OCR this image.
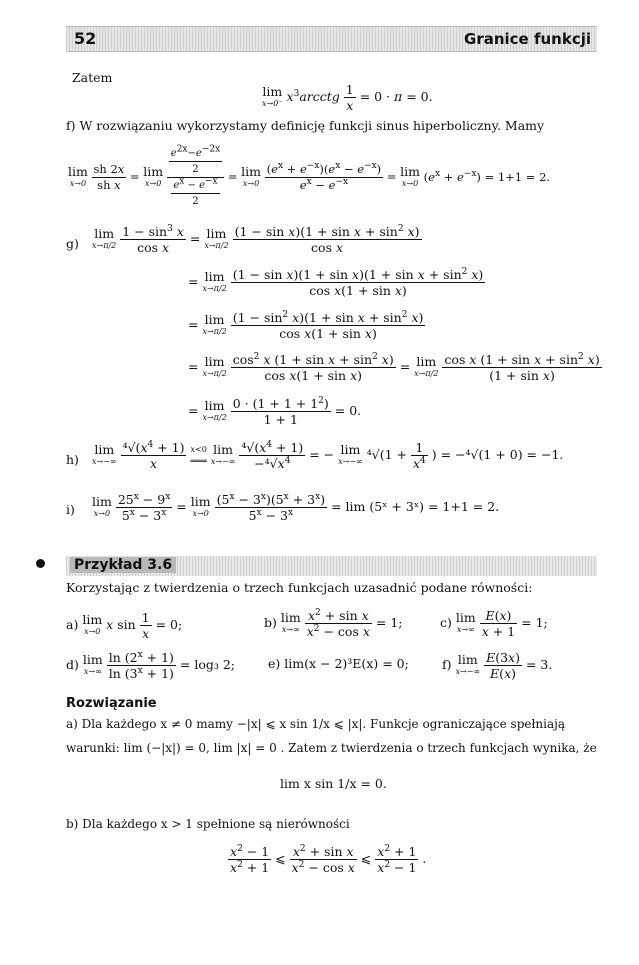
52	Granice funkcji
Zatem
lim
x→0⁻ $x^3arcctg \frac{1}{x} = 0 \cdot \pi = 0$.
f) W rozwiązaniu wykorzystamy definicję funkcji sinus hiperboliczny. Mamy
lim
x→0
$\frac{sh 2x}{\text{sh x}} = \lim$
x→0
$\frac{\frac{e2x-e-2x}{2}}{\frac{ex - e-x}{2}} = \lim$
x→0
$\frac{(e^x + e^{-x})(e^x - e^{-x})}{e^x - e^{-x}} = \lim$
x→0 $(e^x + e^{-x}) = 1+1 = 2$.
g)
lim
x→π/2
$\frac{1 - \sin^3 x}{\text{cos x}} = \lim$
x→π/2
$\frac{(1 - \sin x)(1 + \sin x + \sin^2 x)}{\text{cos x}}$
= lim
x→π/2
$\frac{(1 - \sin x)(1 + \sin x)(1 + \sin x + \sin^2 x)}{\text{cos x(1 + sin x)}}$
= lim
x→π/2
$\frac{(1 - \sin^2 x)(1 + \sin x + \sin^2 x)}{\text{cos x(1 + sin x)}}$
= lim
x→π/2
$\frac{\cos^2 x (1 + \sin x + \sin^2 x)}{\text{cos x(1 + sin x)}} = \lim$
x→π/2
$\frac{\cos x (1 + \sin x + \sin^2 x)}{\text{(1 + sin x)}}$
= lim
x→π/2
$\frac{0 \cdot (1 + 1 + 1^2)}{1 + 1} = 0$.
h)
lim
x→−∞
$\frac{^4√(x^4 + 1)}{x}$
x<0
═══

lim
x→−∞
$\frac{^4√(x^4 + 1)}{-^4√x^4}$ = − lim
x→−∞ $^4√(1 + \frac{1}{x^4}$ ) = −⁴√(1 + 0) = −1.
i)
lim
x→0
$\frac{25^x - 9^x}{5^x - 3^x} = \lim$
x→0
$\frac{(5^x - 3^x)(5^x + 3^x)}{5^x - 3^x} = \lim$ (5ˣ + 3ˣ) = 1+1 = 2.
Przykład 3.6
Korzystając z twierdzenia o trzech funkcjach uzasadnić podane równości:
a) lim
x→0 x $\sin \frac{1}{x} = 0$;	b) lim
x→∞
$\frac{x^2 + \sin x}{x^2 - \cos x} = 1$;	c) lim
x→∞
$\frac{E(x)}{x + 1} = 1$;
d) lim
x→∞
$\frac{\ln (2^x + 1)}{\ln (3^x + 1)} = \log_3$ 2;	e) lim(x − 2)³E(x) = 0;	f) lim
x→−∞
$\frac{E(3x)}{E(x)} = 3$.
Rozwiązanie
a) Dla każdego x ≠ 0 mamy −|x| ⩽ x sin 1/x ⩽ |x|. Funkcje ograniczające spełniają
warunki: lim (−|x|) = 0, lim |x| = 0 . Zatem z twierdzenia o trzech funkcjach wynika, że
lim x sin 1/x = 0.
b) Dla każdego x > 1 spełnione są nierówności
$\frac{x^2 - 1}{x^2 + 1}$ ⩽ $\frac{x^2 + \sin x}{x^2 - \cos x}$ ⩽ $\frac{x^2 + 1}{x^2 - 1}$ .
